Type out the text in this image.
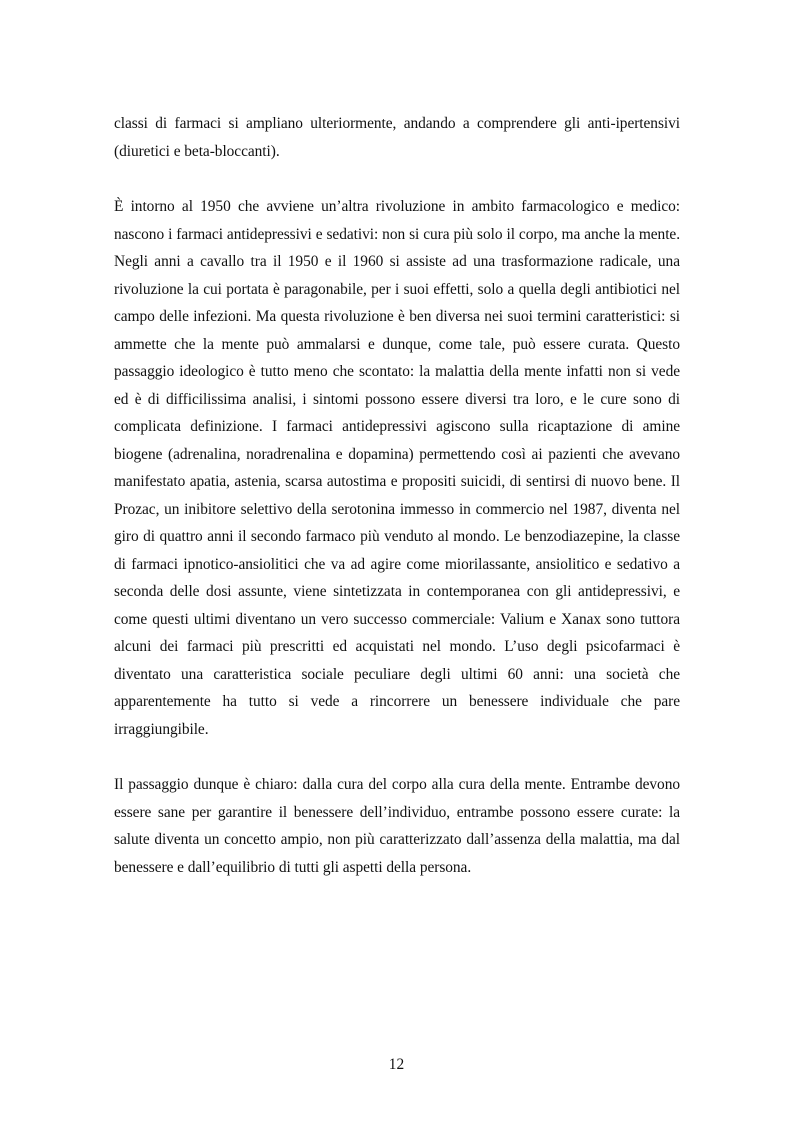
classi di farmaci si ampliano ulteriormente, andando a comprendere gli anti-ipertensivi (diuretici e beta-bloccanti).

È intorno al 1950 che avviene un’altra rivoluzione in ambito farmacologico e medico: nascono i farmaci antidepressivi e sedativi: non si cura più solo il corpo, ma anche la mente. Negli anni a cavallo tra il 1950 e il 1960 si assiste ad una trasformazione radicale, una rivoluzione la cui portata è paragonabile, per i suoi effetti, solo a quella degli antibiotici nel campo delle infezioni. Ma questa rivoluzione è ben diversa nei suoi termini caratteristici: si ammette che la mente può ammalarsi e dunque, come tale, può essere curata. Questo passaggio ideologico è tutto meno che scontato: la malattia della mente infatti non si vede ed è di difficilissima analisi, i sintomi possono essere diversi tra loro, e le cure sono di complicata definizione. I farmaci antidepressivi agiscono sulla ricaptazione di amine biogene (adrenalina, noradrenalina e dopamina) permettendo così ai pazienti che avevano manifestato apatia, astenia, scarsa autostima e propositi suicidi, di sentirsi di nuovo bene. Il Prozac, un inibitore selettivo della serotonina immesso in commercio nel 1987, diventa nel giro di quattro anni il secondo farmaco più venduto al mondo. Le benzodiazepine, la classe di farmaci ipnotico-ansiolitici che va ad agire come miorilassante, ansiolitico e sedativo a seconda delle dosi assunte, viene sintetizzata in contemporanea con gli antidepressivi, e come questi ultimi diventano un vero successo commerciale: Valium e Xanax sono tuttora alcuni dei farmaci più prescritti ed acquistati nel mondo. L’uso degli psicofarmaci è diventato una caratteristica sociale peculiare degli ultimi 60 anni: una società che apparentemente ha tutto si vede a rincorrere un benessere individuale che pare irraggiungibile.

Il passaggio dunque è chiaro: dalla cura del corpo alla cura della mente. Entrambe devono essere sane per garantire il benessere dell’individuo, entrambe possono essere curate: la salute diventa un concetto ampio, non più caratterizzato dall’assenza della malattia, ma dal benessere e dall’equilibrio di tutti gli aspetti della persona.

12
